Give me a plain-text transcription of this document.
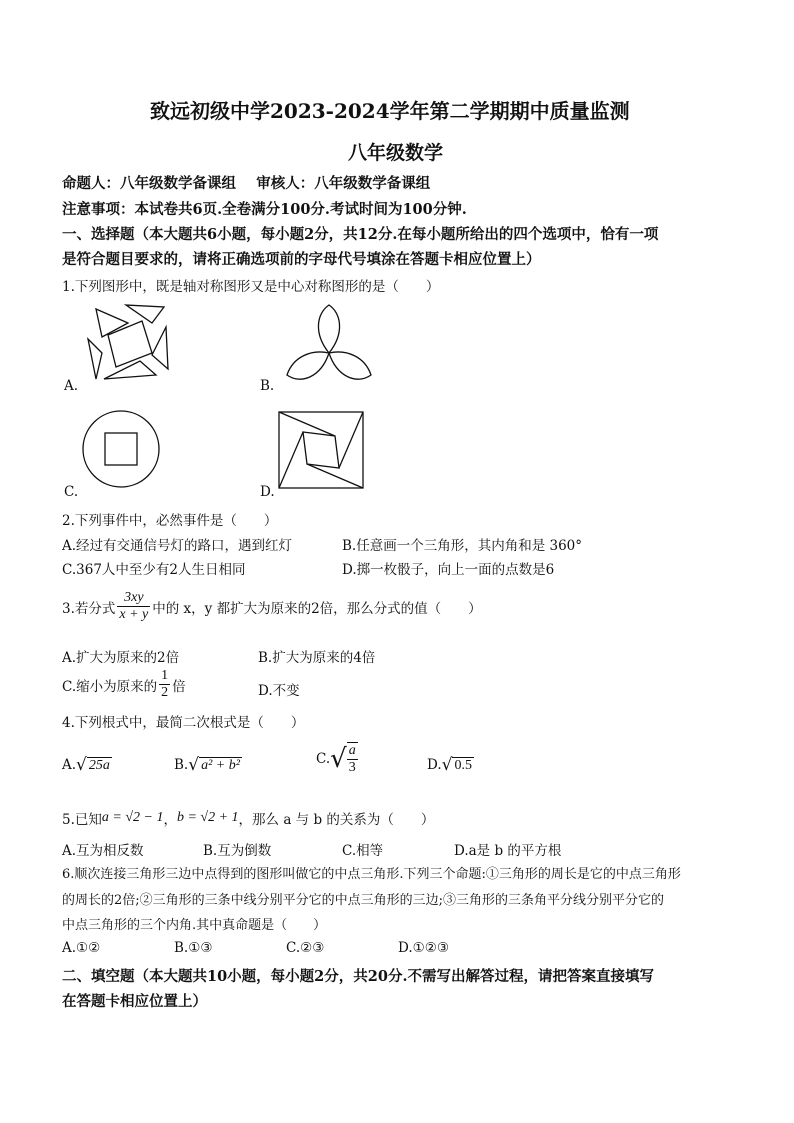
致远初级中学2023-2024学年第二学期期中质量监测
八年级数学
命题人：八年级数学备课组    审核人：八年级数学备课组
注意事项：本试卷共6页.全卷满分100分.考试时间为100分钟.
一、选择题（本大题共6小题，每小题2分，共12分.在每小题所给出的四个选项中，恰有一项
是符合题目要求的，请将正确选项前的字母代号填涂在答题卡相应位置上）
1.下列图形中，既是轴对称图形又是中心对称图形的是（　　）
A.	B.
C.	D.
2.下列事件中，必然事件是（　　）
A.经过有交通信号灯的路口，遇到红灯	B.任意画一个三角形，其内角和是 360°
C.367人中至少有2人生日相同	D.掷一枚骰子，向上一面的点数是6
3.若分式 $\frac{3xy}{x + y}$ 中的 x，y 都扩大为原来的2倍，那么分式的值（　　）
A.扩大为原来的2倍	B.扩大为原来的4倍
C.缩小为原来的 $\frac{1}{2}$ 倍	D.不变
4.下列根式中，最简二次根式是（　　）
A. √ 25a	B. √ a² + b²	C. √ $\frac{a}{3}$	D. √ 0.5
5.已知 a = √2 − 1 ， b = √2 + 1 ，那么 a 与 b 的关系为（　　）
A.互为相反数	B.互为倒数	C.相等	D.a是 b 的平方根
6.顺次连接三角形三边中点得到的图形叫做它的中点三角形.下列三个命题:①三角形的周长是它的中点三角形
的周长的2倍;②三角形的三条中线分别平分它的中点三角形的三边;③三角形的三条角平分线分别平分它的
中点三角形的三个内角.其中真命题是（　　）
A.①②	B.①③	C.②③	D.①②③
二、填空题（本大题共10小题，每小题2分，共20分.不需写出解答过程，请把答案直接填写
在答题卡相应位置上）
